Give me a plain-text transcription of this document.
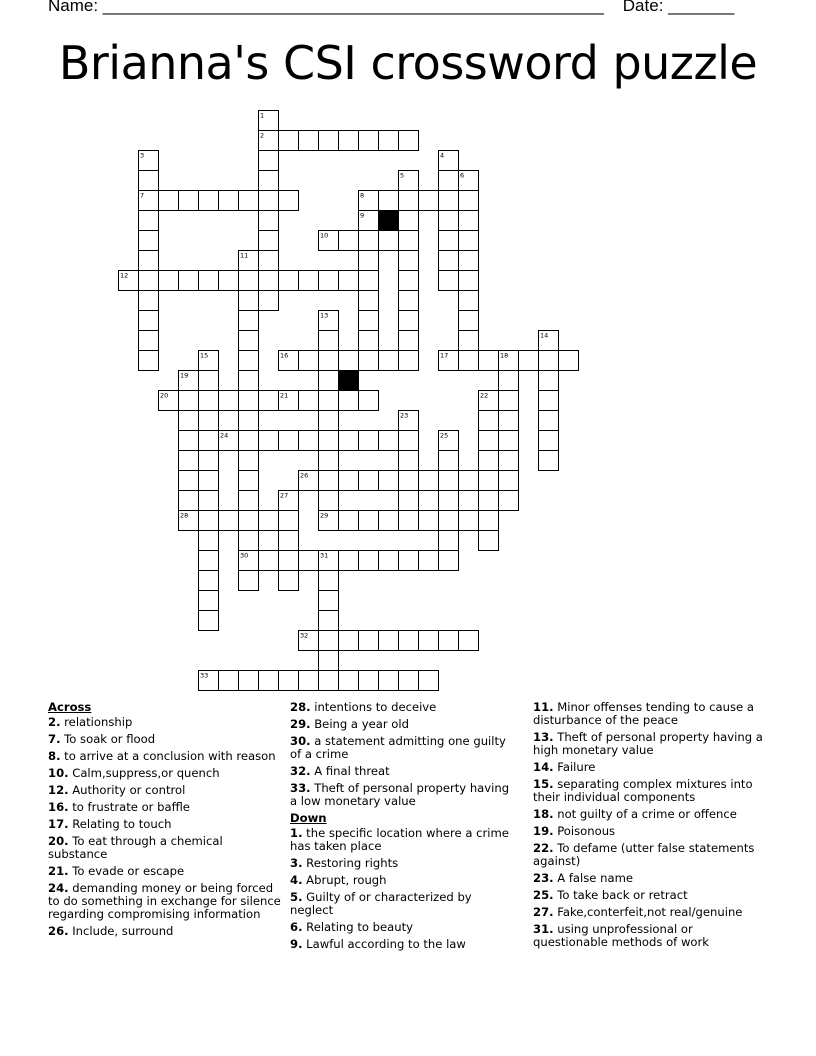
Name: _____________________________________________________    Date: _______
Brianna's CSI crossword puzzle
1
2
3	4
5	6
7	8
9
10
11
12
13
14
15	16	17	18
19
20	21	22
23
24	25
26
27
28	29
30	31
32
33
Across
2. relationship
7. To soak or flood
8. to arrive at a conclusion with reason
10. Calm,suppress,or quench
12. Authority or control
16. to frustrate or baffle
17. Relating to touch
20. To eat through a chemical substance
21. To evade or escape
24. demanding money or being forced to do something in exchange for silence regarding compromising information
26. Include, surround
28. intentions to deceive
29. Being a year old
30. a statement admitting one guilty of a crime
32. A final threat
33. Theft of personal property having a low monetary value
Down
1. the specific location where a crime has taken place
3. Restoring rights
4. Abrupt, rough
5. Guilty of or characterized by neglect
6. Relating to beauty
9. Lawful according to the law
11. Minor offenses tending to cause a disturbance of the peace
13. Theft of personal property having a high monetary value
14. Failure
15. separating complex mixtures into their individual components
18. not guilty of a crime or offence
19. Poisonous
22. To defame (utter false statements against)
23. A false name
25. To take back or retract
27. Fake,conterfeit,not real/genuine
31. using unprofessional or questionable methods of work
